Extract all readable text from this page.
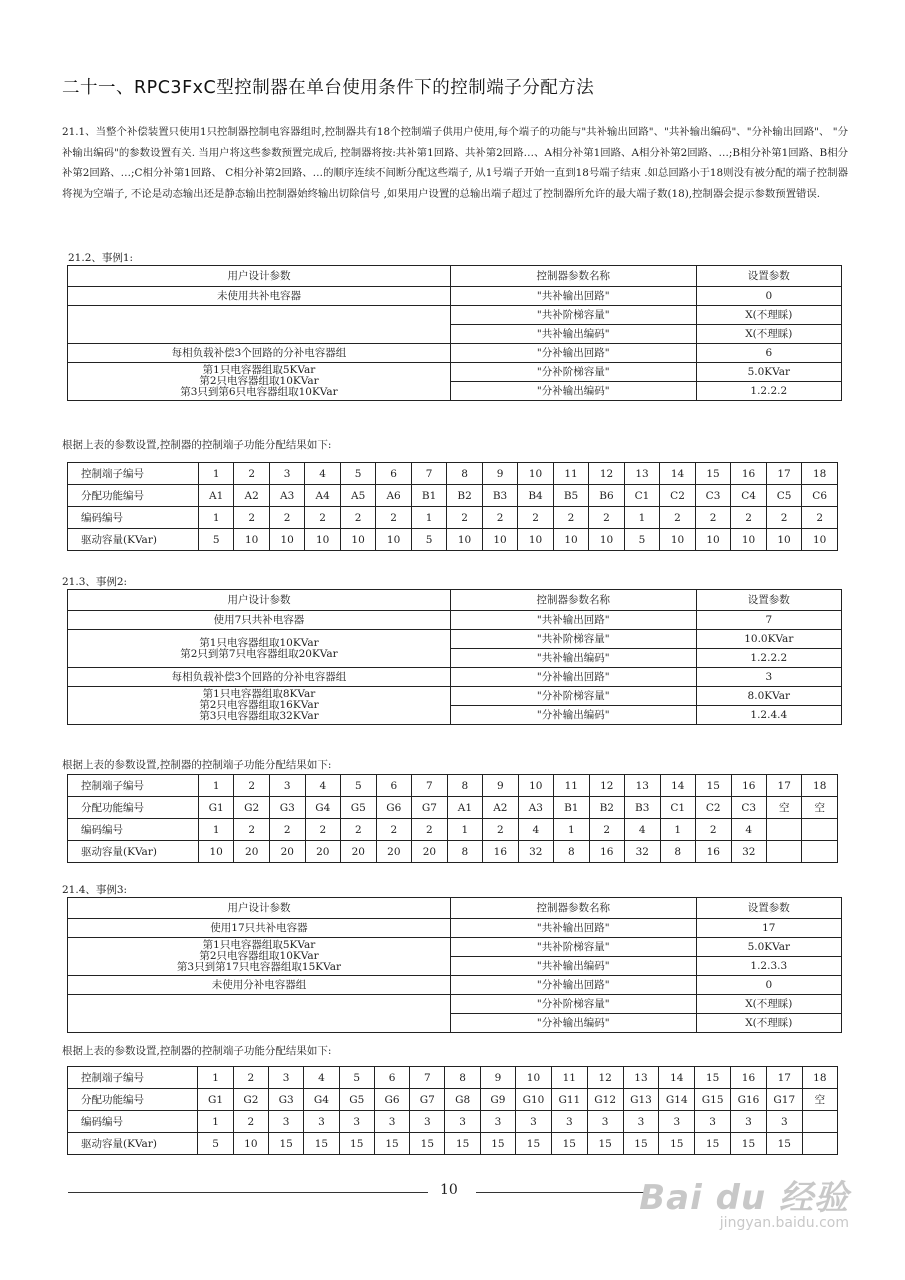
二十一、RPC3FxC型控制器在单台使用条件下的控制端子分配方法
21.1、当整个补偿装置只使用1只控制器控制电容器组时,控制器共有18个控制端子供用户使用,每个端子的功能与"共补输出回路"、"共补输出编码"、"分补输出回路"、 "分补输出编码"的参数设置有关. 当用户将这些参数预置完成后, 控制器将按:共补第1回路、共补第2回路…、A相分补第1回路、A相分补第2回路、…;B相分补第1回路、B相分补第2回路、…;C相分补第1回路、 C相分补第2回路、…的顺序连续不间断分配这些端子, 从1号端子开始一直到18号端子结束 .如总回路小于18则没有被分配的端子控制器将视为空端子, 不论是动态输出还是静态输出控制器始终输出切除信号 ,如果用户设置的总输出端子超过了控制器所允许的最大端子数(18),控制器会提示参数预置错误.
21.2、事例1:
用户设计参数	控制器参数名称	设置参数

未使用共补电容器	"共补输出回路"	0

	"共补阶梯容量"	X(不理睬)
	"共补输出编码"	X(不理睬)

每相负载补偿3个回路的分补电容器组	"分补输出回路"	6

第1只电容器组取5KVar
第2只电容器组取10KVar
第3只到第6只电容器组取10KVar	"分补阶梯容量"	5.0KVar
	"分补输出编码"	1.2.2.2
根据上表的参数设置,控制器的控制端子功能分配结果如下:
控制端子编号	1	2	3	4	5	6	7	8	9	10	11	12	13	14	15	16	17	18
分配功能编号	A1	A2	A3	A4	A5	A6	B1	B2	B3	B4	B5	B6	C1	C2	C3	C4	C5	C6
编码编号	1	2	2	2	2	2	1	2	2	2	2	2	1	2	2	2	2	2
驱动容量(KVar)	5	10	10	10	10	10	5	10	10	10	10	10	5	10	10	10	10	10
21.3、事例2:
用户设计参数	控制器参数名称	设置参数

使用7只共补电容器	"共补输出回路"	7

第1只电容器组取10KVar
第2只到第7只电容器组取20KVar	"共补阶梯容量"	10.0KVar
	"共补输出编码"	1.2.2.2

每相负载补偿3个回路的分补电容器组	"分补输出回路"	3

第1只电容器组取8KVar
第2只电容器组取16KVar
第3只电容器组取32KVar	"分补阶梯容量"	8.0KVar
	"分补输出编码"	1.2.4.4
根据上表的参数设置,控制器的控制端子功能分配结果如下:
控制端子编号	1	2	3	4	5	6	7	8	9	10	11	12	13	14	15	16	17	18
分配功能编号	G1	G2	G3	G4	G5	G6	G7	A1	A2	A3	B1	B2	B3	C1	C2	C3	空	空
编码编号	1	2	2	2	2	2	2	1	2	4	1	2	4	1	2	4		
驱动容量(KVar)	10	20	20	20	20	20	20	8	16	32	8	16	32	8	16	32		
21.4、事例3:
用户设计参数	控制器参数名称	设置参数

使用17只共补电容器	"共补输出回路"	17

第1只电容器组取5KVar
第2只电容器组取10KVar
第3只到第17只电容器组取15KVar	"共补阶梯容量"	5.0KVar
	"共补输出编码"	1.2.3.3

未使用分补电容器组	"分补输出回路"	0

	"分补阶梯容量"	X(不理睬)
	"分补输出编码"	X(不理睬)
根据上表的参数设置,控制器的控制端子功能分配结果如下:
控制端子编号	1	2	3	4	5	6	7	8	9	10	11	12	13	14	15	16	17	18
分配功能编号	G1	G2	G3	G4	G5	G6	G7	G8	G9	G10	G11	G12	G13	G14	G15	G16	G17	空
编码编号	1	2	3	3	3	3	3	3	3	3	3	3	3	3	3	3	3	
驱动容量(KVar)	5	10	15	15	15	15	15	15	15	15	15	15	15	15	15	15	15	
10	Bai du 经验
jingyan.baidu.com
